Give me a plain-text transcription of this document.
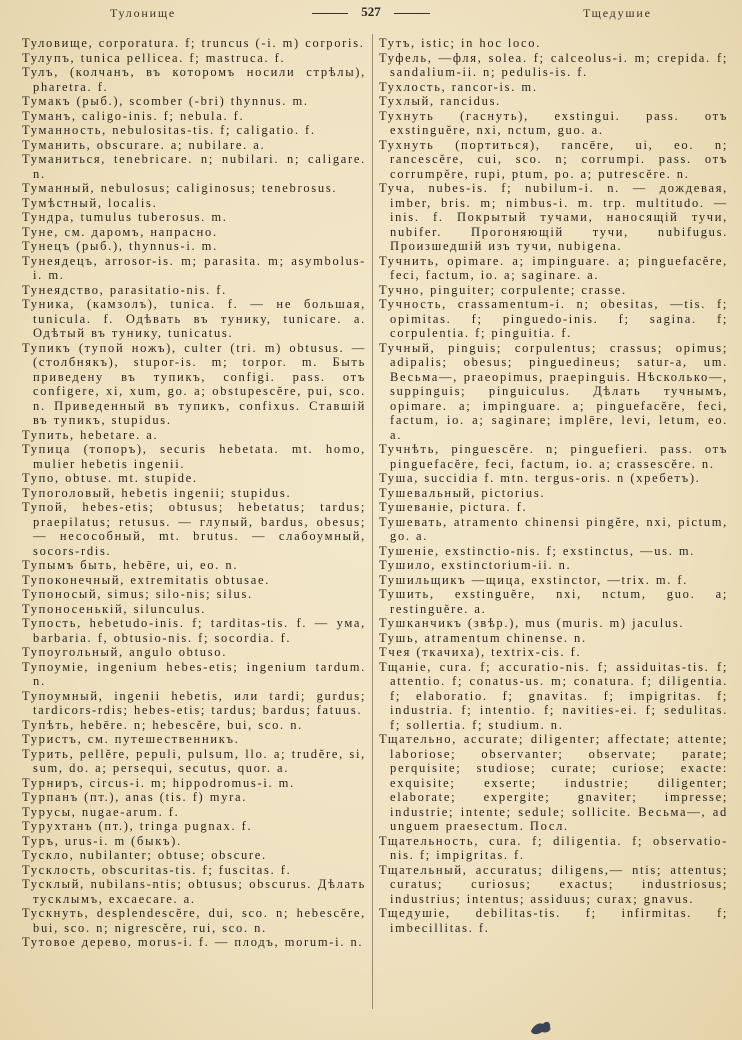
Тулонище	527	Тщедушие

Туловище, corporatura. f; truncus (-i. m) corporis.

Тулупъ, tunica pellicea. f; mastruca. f.

Тулъ, (колчанъ, въ которомъ носили стрѣлы), pharetra. f.

Тумакъ (рыб.), scomber (-bri) thynnus. m.

Туманъ, caligo-inis. f; nebula. f.

Туманность, nebulositas-tis. f; caligatio. f.

Туманить, obscurare. a; nubilare. a.

Туманиться, tenebricare. n; nubilari. n; caligare. n.

Туманный, nebulosus; caliginosus; tenebrosus.

Тумѣстный, localis.

Тундра, tumulus tuberosus. m.

Туне, см. даромъ, напрасно.

Тунецъ (рыб.), thynnus-i. m.

Тунеядецъ, arrosor-is. m; parasita. m; asymbolus-i. m.

Тунеядство, parasitatio-nis. f.

Туника, (камзолъ), tunica. f. — не большая, tunicula. f. Одѣвать въ тунику, tunicare. a. Одѣтый въ тунику, tunicatus.

Тупикъ (тупой ножъ), culter (tri. m) obtusus. — (столбнякъ), stupor-is. m; torpor. m. Быть приведену въ тупикъ, configi. pass. отъ configere, xi, xum, go. a; obstupescĕre, pui, sco. n. Приведенный въ тупикъ, confixus. Ставшій въ тупикъ, stupidus.

Тупить, hebetare. a.

Тупица (топоръ), securis hebetata. mt. homo, mulier hebetis ingenii.

Тупо, obtuse. mt. stupide.

Тупоголовый, hebetis ingenii; stupidus.

Тупой, hebes-etis; obtusus; hebetatus; tardus; praepilatus; retusus. — глупый, bardus, obesus; — несособный, mt. brutus. — слабоумный, socors-rdis.

Тупымъ быть, hebēre, ui, eo. n.

Тупоконечный, extremitatis obtusae.

Тупоносый, simus; silo-nis; silus.

Тупоносенькій, silunculus.

Тупость, hebetudo-inis. f; tarditas-tis. f. — ума, barbaria. f, obtusio-nis. f; socordia. f.

Тупоугольный, angulo obtuso.

Тупоуміе, ingenium hebes-etis; ingenium tardum. n.

Тупоумный, ingenii hebetis, или tardi; gurdus; tardicors-rdis; hebes-etis; tardus; bardus; fatuus.

Тупѣть, hebēre. n; hebescĕre, bui, sco. n.

Туристъ, см. путешественникъ.

Турить, pellĕre, pepuli, pulsum, llo. a; trudĕre, si, sum, do. a; persequi, secutus, quor. a.

Турниръ, circus-i. m; hippodromus-i. m.

Турпанъ (пт.), anas (tis. f) myra.

Турусы, nugae-arum. f.

Турухтанъ (пт.), tringa pugnax. f.

Туръ, urus-i. m (быкъ).

Тускло, nubilanter; obtuse; obscure.

Тусклость, obscuritas-tis. f; fuscitas. f.

Тусклый, nubilans-ntis; obtusus; obscurus. Дѣлать тусклымъ, excaecare. a.

Тускнуть, desplendescĕre, dui, sco. n; hebescĕre, bui, sco. n; nigrescĕre, rui, sco. n.

Тутовое дерево, morus-i. f. — плодъ, morum-i. n.

Тутъ, istic; in hoc loco.

Туфель, —фля, solea. f; calceolus-i. m; crepida. f; sandalium-ii. n; pedulis-is. f.

Тухлость, rancor-is. m.

Тухлый, rancidus.

Тухнуть (гаснуть), exstingui. pass. отъ exstinguĕre, nxi, nctum, guo. a.

Тухнуть (портиться), rancēre, ui, eo. n; rancescĕre, cui, sco. n; corrumpi. pass. отъ corrumpĕre, rupi, ptum, po. a; putrescĕre. n.

Туча, nubes-is. f; nubilum-i. n. — дождевая, imber, bris. m; nimbus-i. m. trp. multitudo. — inis. f. Покрытый тучами, наносящій тучи, nubifer. Прогоняющій тучи, nubifugus. Произшедшій изъ тучи, nubigena.

Тучнить, opimare. a; impinguare. a; pinguefacĕre, feci, factum, io. a; saginare. a.

Тучно, pinguiter; corpulente; crasse.

Тучность, crassamentum-i. n; obesitas, —tis. f; opimitas. f; pinguedo-inis. f; sagina. f; corpulentia. f; pinguitia. f.

Тучный, pinguis; corpulentus; crassus; opimus; adipalis; obesus; pinguedineus; satur-a, um. Весьма—, praeopimus, praepinguis. Нѣсколько—, suppinguis; pinguiculus. Дѣлать тучнымъ, opimare. a; impinguare. a; pinguefacĕre, feci, factum, io. a; saginare; implēre, levi, letum, eo. a.

Тучнѣть, pinguescĕre. n; pinguefieri. pass. отъ pinguefacĕre, feci, factum, io. a; crassescĕre. n.

Туша, succidia f. mtn. tergus-oris. n (хребетъ).

Тушевальный, pictorius.

Тушеваніе, pictura. f.

Тушевать, atramento chinensi pingĕre, nxi, pictum, go. a.

Тушеніе, exstinctio-nis. f; exstinctus, —us. m.

Тушило, exstinctorium-ii. n.

Тушильщикъ —щица, exstinctor, —trix. m. f.

Тушить, exstinguĕre, nxi, nctum, guo. a; restinguĕre. a.

Тушканчикъ (звѣр.), mus (muris. m) jaculus.

Тушь, atramentum chinense. n.

Тчея (ткачиха), textrix-cis. f.

Тщаніе, cura. f; accuratio-nis. f; assiduitas-tis. f; attentio. f; conatus-us. m; conatura. f; diligentia. f; elaboratio. f; gnavitas. f; impigritas. f; industria. f; intentio. f; navities-ei. f; sedulitas. f; sollertia. f; studium. n.

Тщательно, accurate; diligenter; affectate; attente; laboriose; observanter; observate; parate; perquisite; studiose; curate; curiose; exacte: exquisite; exserte; industrie; diligenter; elaborate; expergite; gnaviter; impresse; industrie; intente; sedule; sollicite. Весьма—, ad unguem praesectum. Посл.

Тщательность, cura. f; diligentia. f; observatio-nis. f; impigritas. f.

Тщательный, accuratus; diligens,— ntis; attentus; curatus; curiosus; exactus; industriosus; industrius; intentus; assiduus; curax; gnavus.

Тщедушіе, debilitas-tis. f; infirmitas. f; imbecillitas. f.
